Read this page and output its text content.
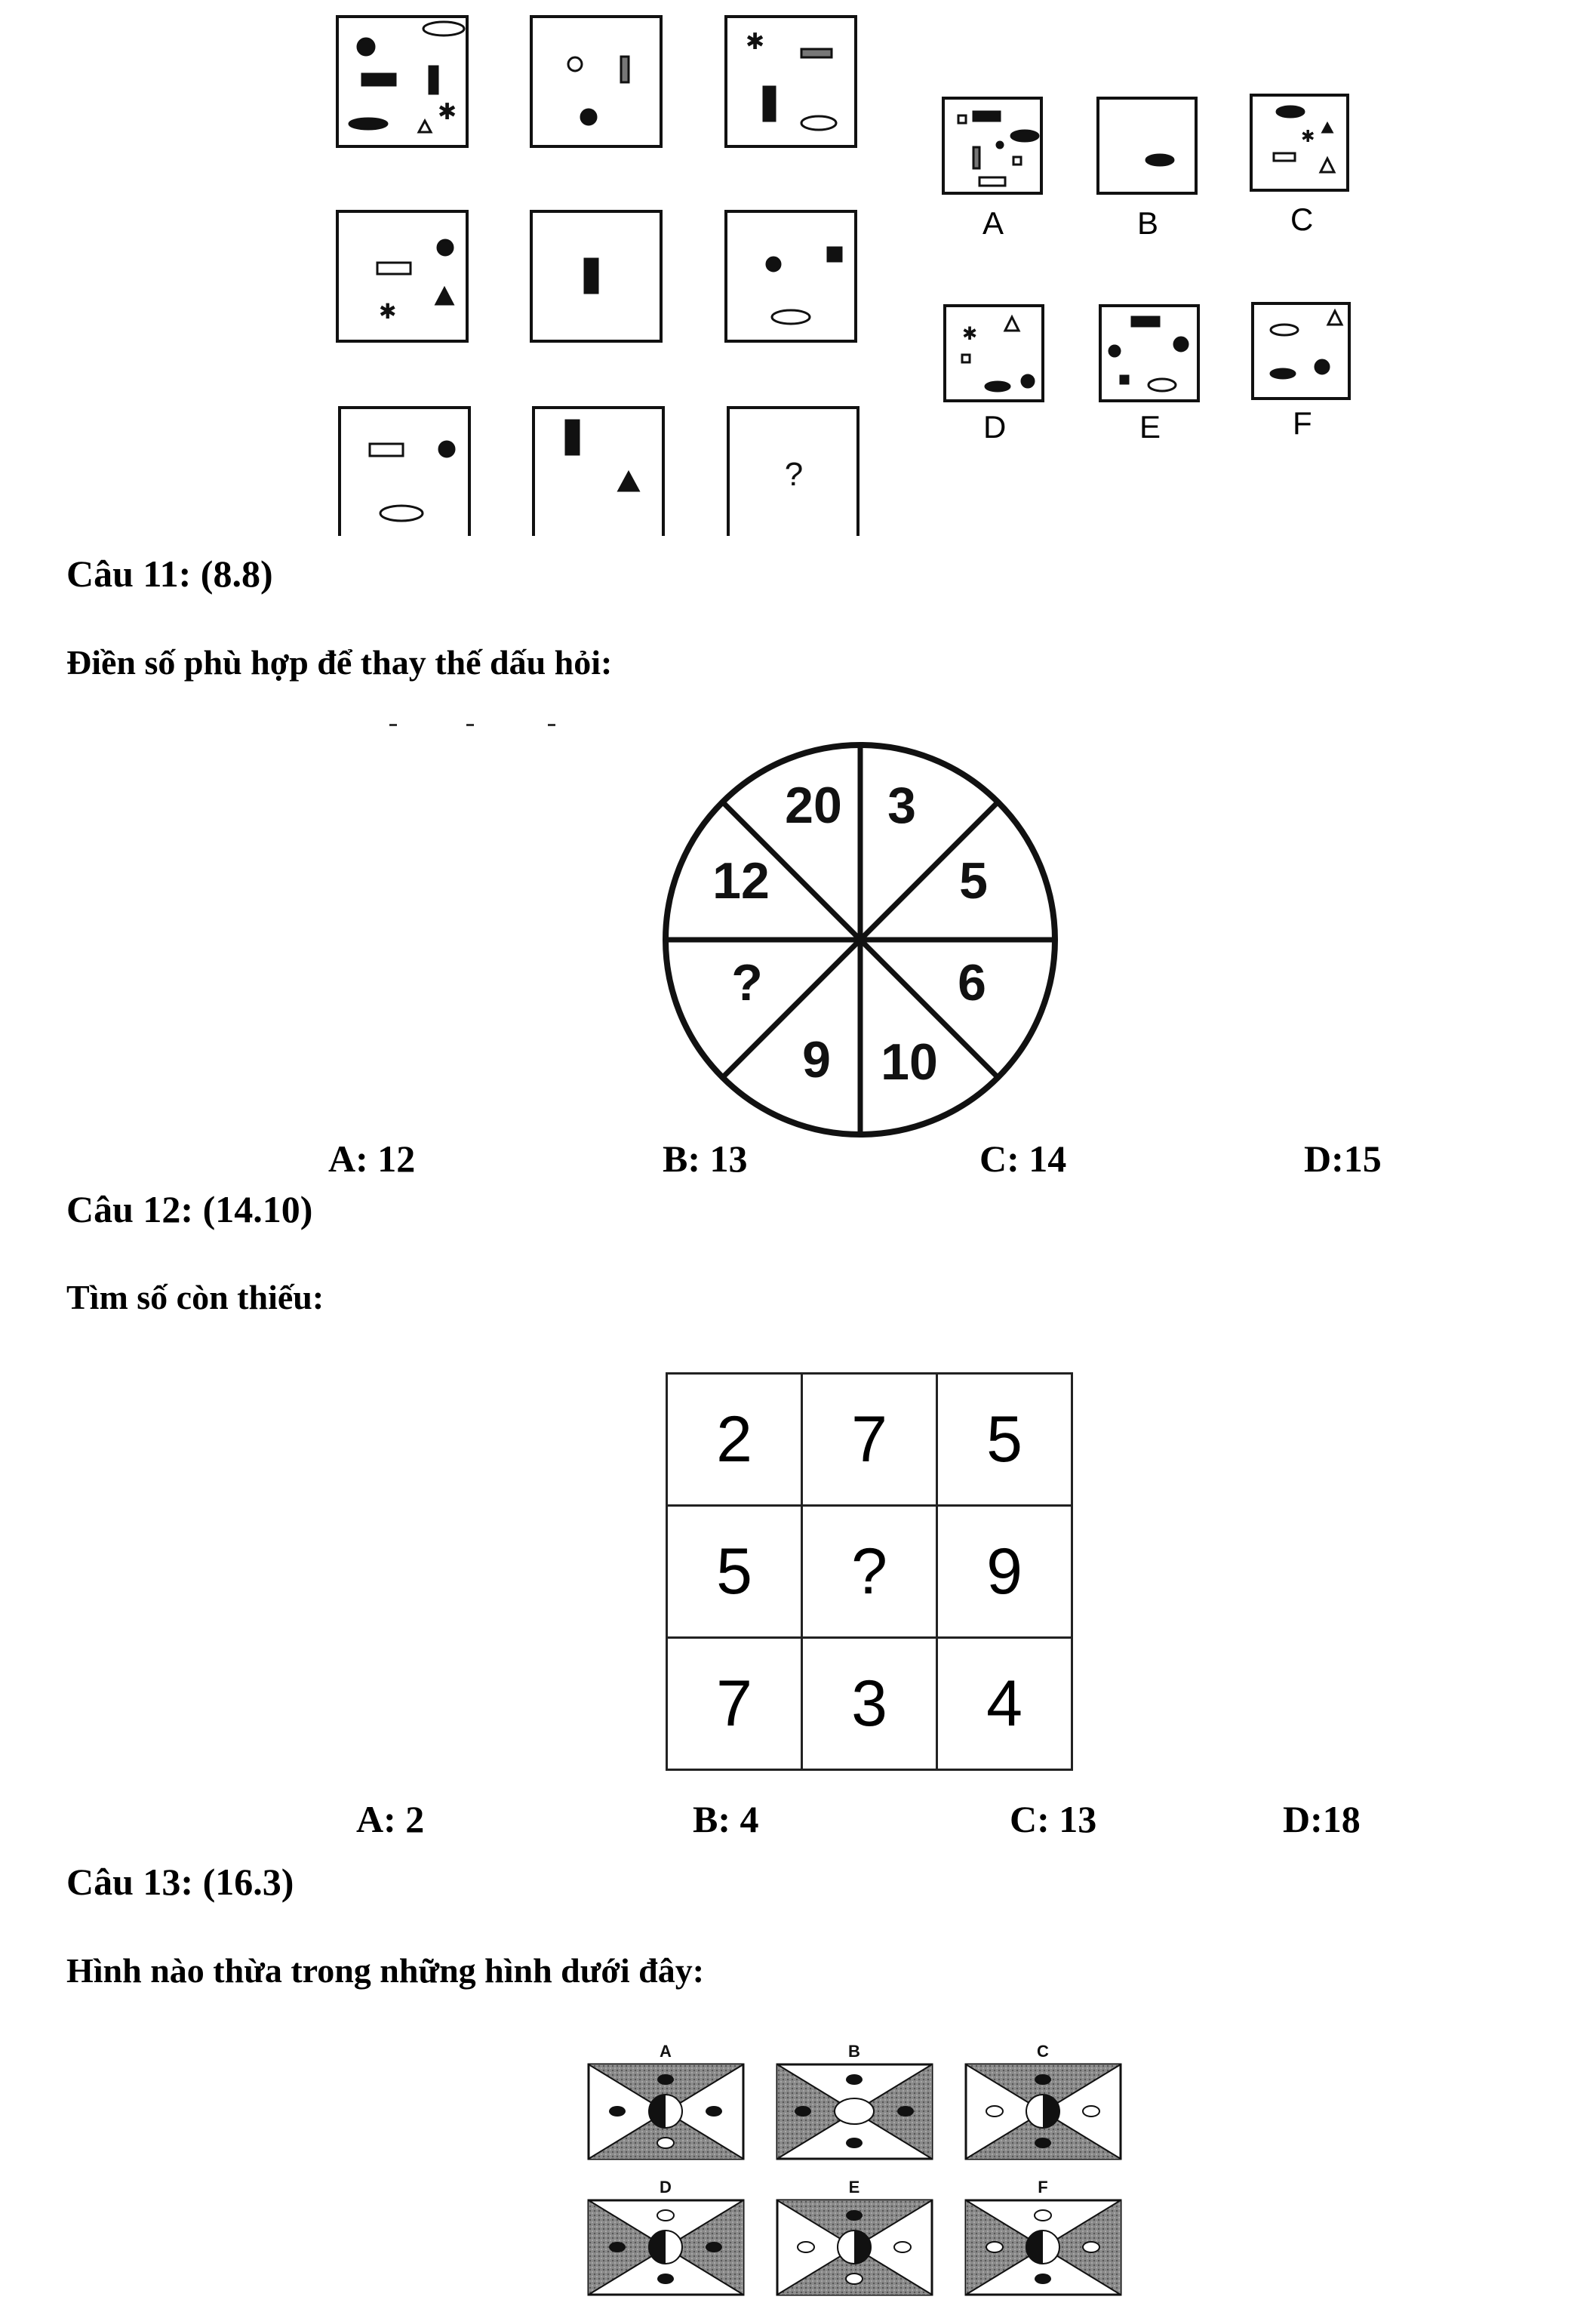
✱
✱
✱
?
✱
✱
A	B	C
D	E	F
Câu 11: (8.8)
Điền số phù hợp để thay thế dấu hỏi:
20 3
5
6
10
9
?
12
A: 12	B: 13	C: 14	D:15
Câu 12: (14.10)
Tìm số còn thiếu:
2	7	5
5	?	9
7	3	4
A: 2	B: 4	C: 13	D:18
Câu 13: (16.3)
Hình nào thừa trong những hình dưới đây:
A	B	C
D	E	F
